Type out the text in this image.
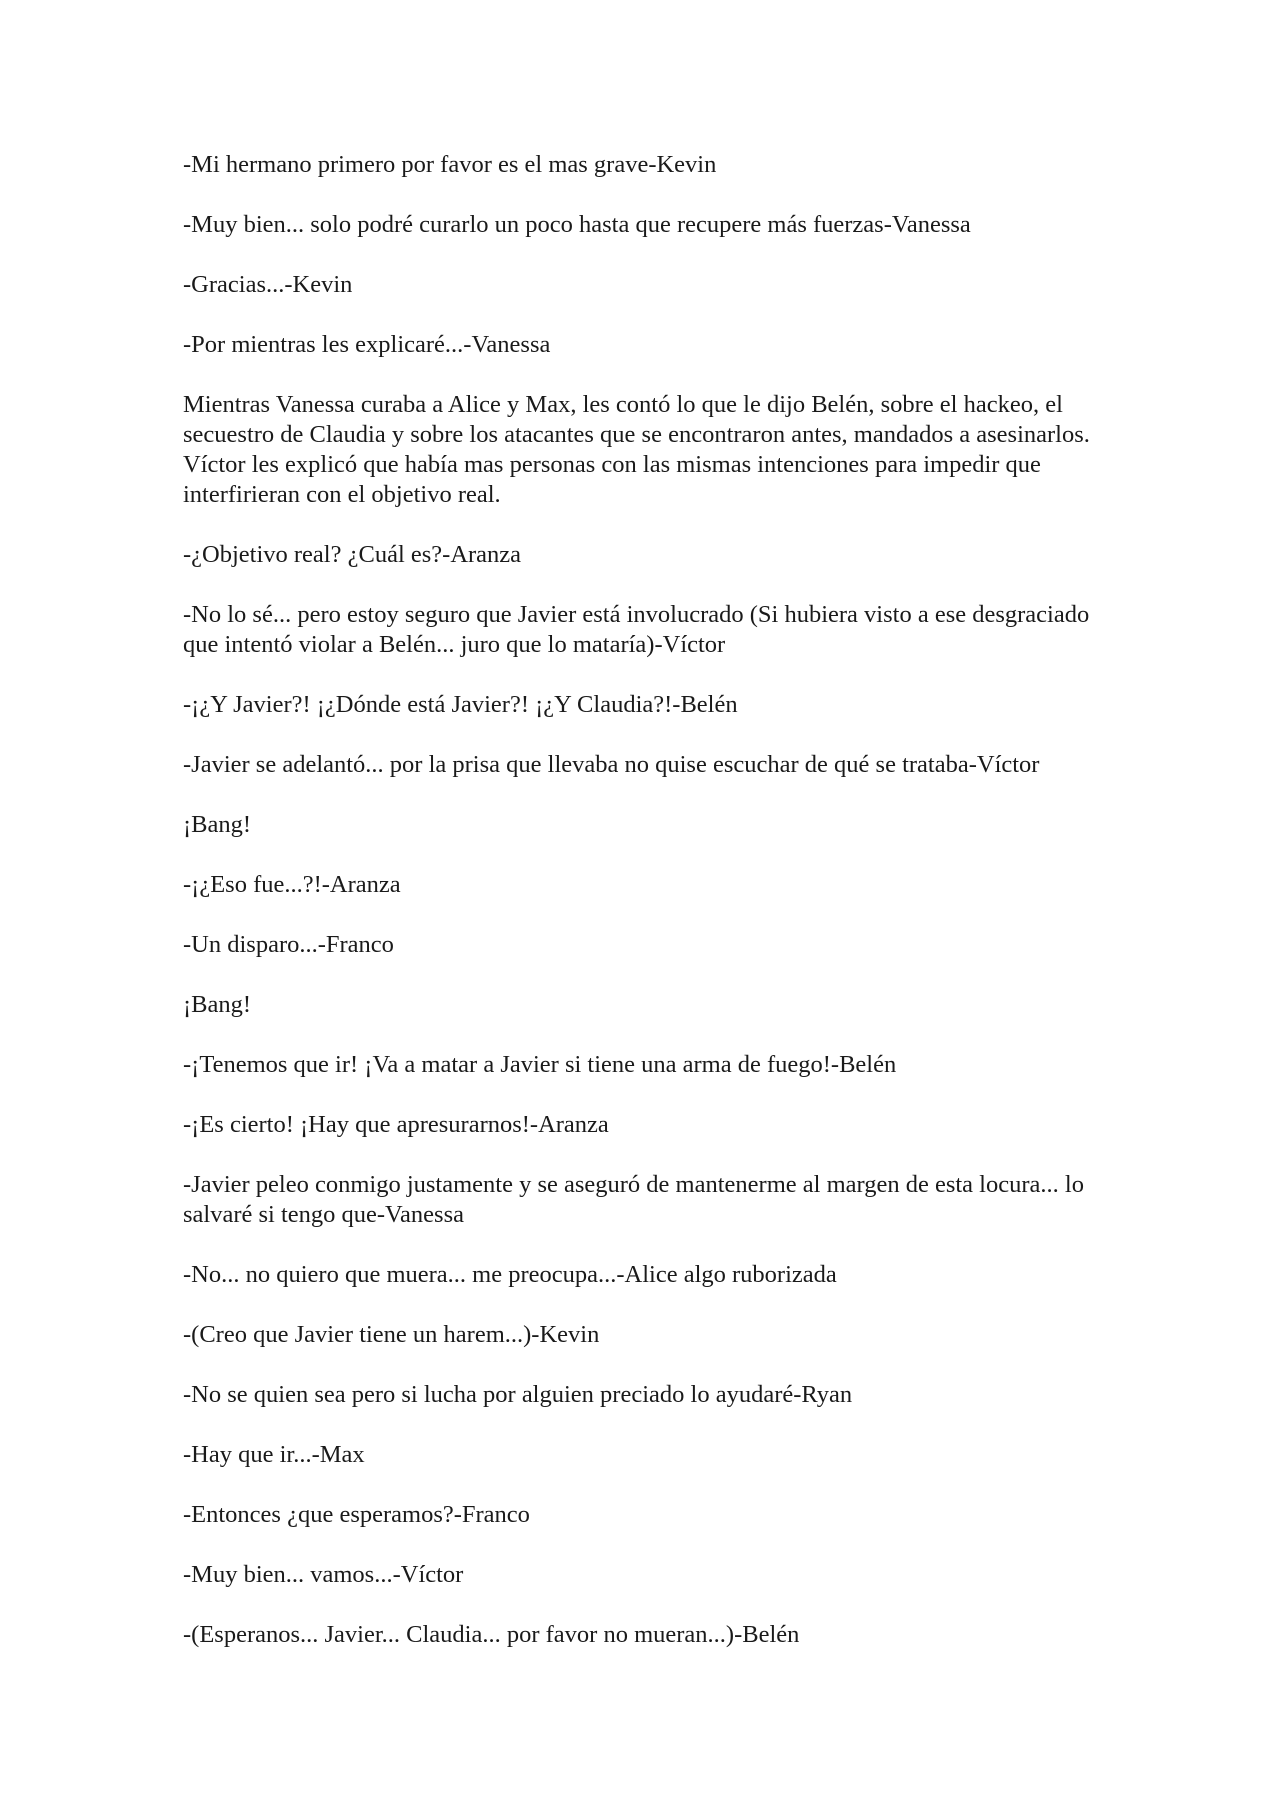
-Mi hermano primero por favor es el mas grave-Kevin

-Muy bien... solo podré curarlo un poco hasta que recupere más fuerzas-Vanessa

-Gracias...-Kevin

-Por mientras les explicaré...-Vanessa

Mientras Vanessa curaba a Alice y Max, les contó lo que le dijo Belén, sobre el hackeo, el secuestro de Claudia y sobre los atacantes que se encontraron antes, mandados a asesinarlos. Víctor les explicó que había mas personas con las mismas intenciones para impedir que interfirieran con el objetivo real.

-¿Objetivo real? ¿Cuál es?-Aranza

-No lo sé... pero estoy seguro que Javier está involucrado (Si hubiera visto a ese desgraciado que intentó violar a Belén... juro que lo mataría)-Víctor

-¡¿Y Javier?! ¡¿Dónde está Javier?! ¡¿Y Claudia?!-Belén

-Javier se adelantó... por la prisa que llevaba no quise escuchar de qué se trataba-Víctor

¡Bang!

-¡¿Eso fue...?!-Aranza

-Un disparo...-Franco

¡Bang!

-¡Tenemos que ir! ¡Va a matar a Javier si tiene una arma de fuego!-Belén

-¡Es cierto! ¡Hay que apresurarnos!-Aranza

-Javier peleo conmigo justamente y se aseguró de mantenerme al margen de esta locura... lo salvaré si tengo que-Vanessa

-No... no quiero que muera... me preocupa...-Alice algo ruborizada

-(Creo que Javier tiene un harem...)-Kevin

-No se quien sea pero si lucha por alguien preciado lo ayudaré-Ryan

-Hay que ir...-Max

-Entonces ¿que esperamos?-Franco

-Muy bien... vamos...-Víctor

-(Esperanos... Javier... Claudia... por favor no mueran...)-Belén
